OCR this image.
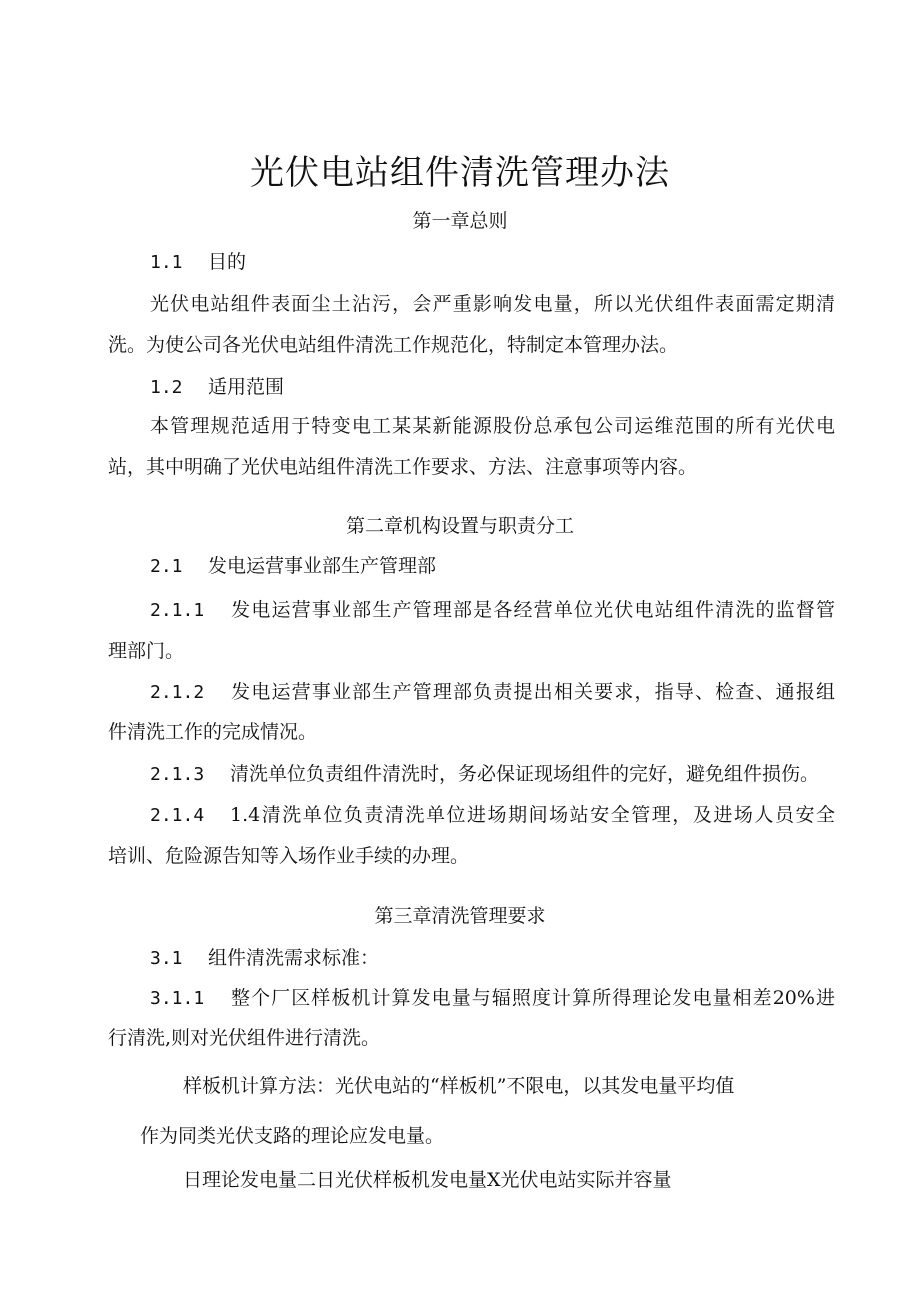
光伏电站组件清洗管理办法
第一章总则
1.1 目的
光伏电站组件表面尘土沾污，会严重影响发电量，所以光伏组件表面需定期清
洗。为使公司各光伏电站组件清洗工作规范化，特制定本管理办法。
1.2 适用范围
本管理规范适用于特变电工某某新能源股份总承包公司运维范围的所有光伏电
站，其中明确了光伏电站组件清洗工作要求、方法、注意事项等内容。
第二章机构设置与职责分工
2.1 发电运营事业部生产管理部
2.1.1 发电运营事业部生产管理部是各经营单位光伏电站组件清洗的监督管
理部门。
2.1.2 发电运营事业部生产管理部负责提出相关要求，指导、检查、通报组
件清洗工作的完成情况。
2.1.3 清洗单位负责组件清洗时，务必保证现场组件的完好，避免组件损伤。
2.1.4 1.4清洗单位负责清洗单位进场期间场站安全管理，及进场人员安全
培训、危险源告知等入场作业手续的办理。
第三章清洗管理要求
3.1 组件清洗需求标准：
3.1.1 整个厂区样板机计算发电量与辐照度计算所得理论发电量相差20%进
行清洗,则对光伏组件进行清洗。
样板机计算方法：光伏电站的“样板机”不限电，以其发电量平均值
作为同类光伏支路的理论应发电量。
日理论发电量二日光伏样板机发电量X光伏电站实际并容量
